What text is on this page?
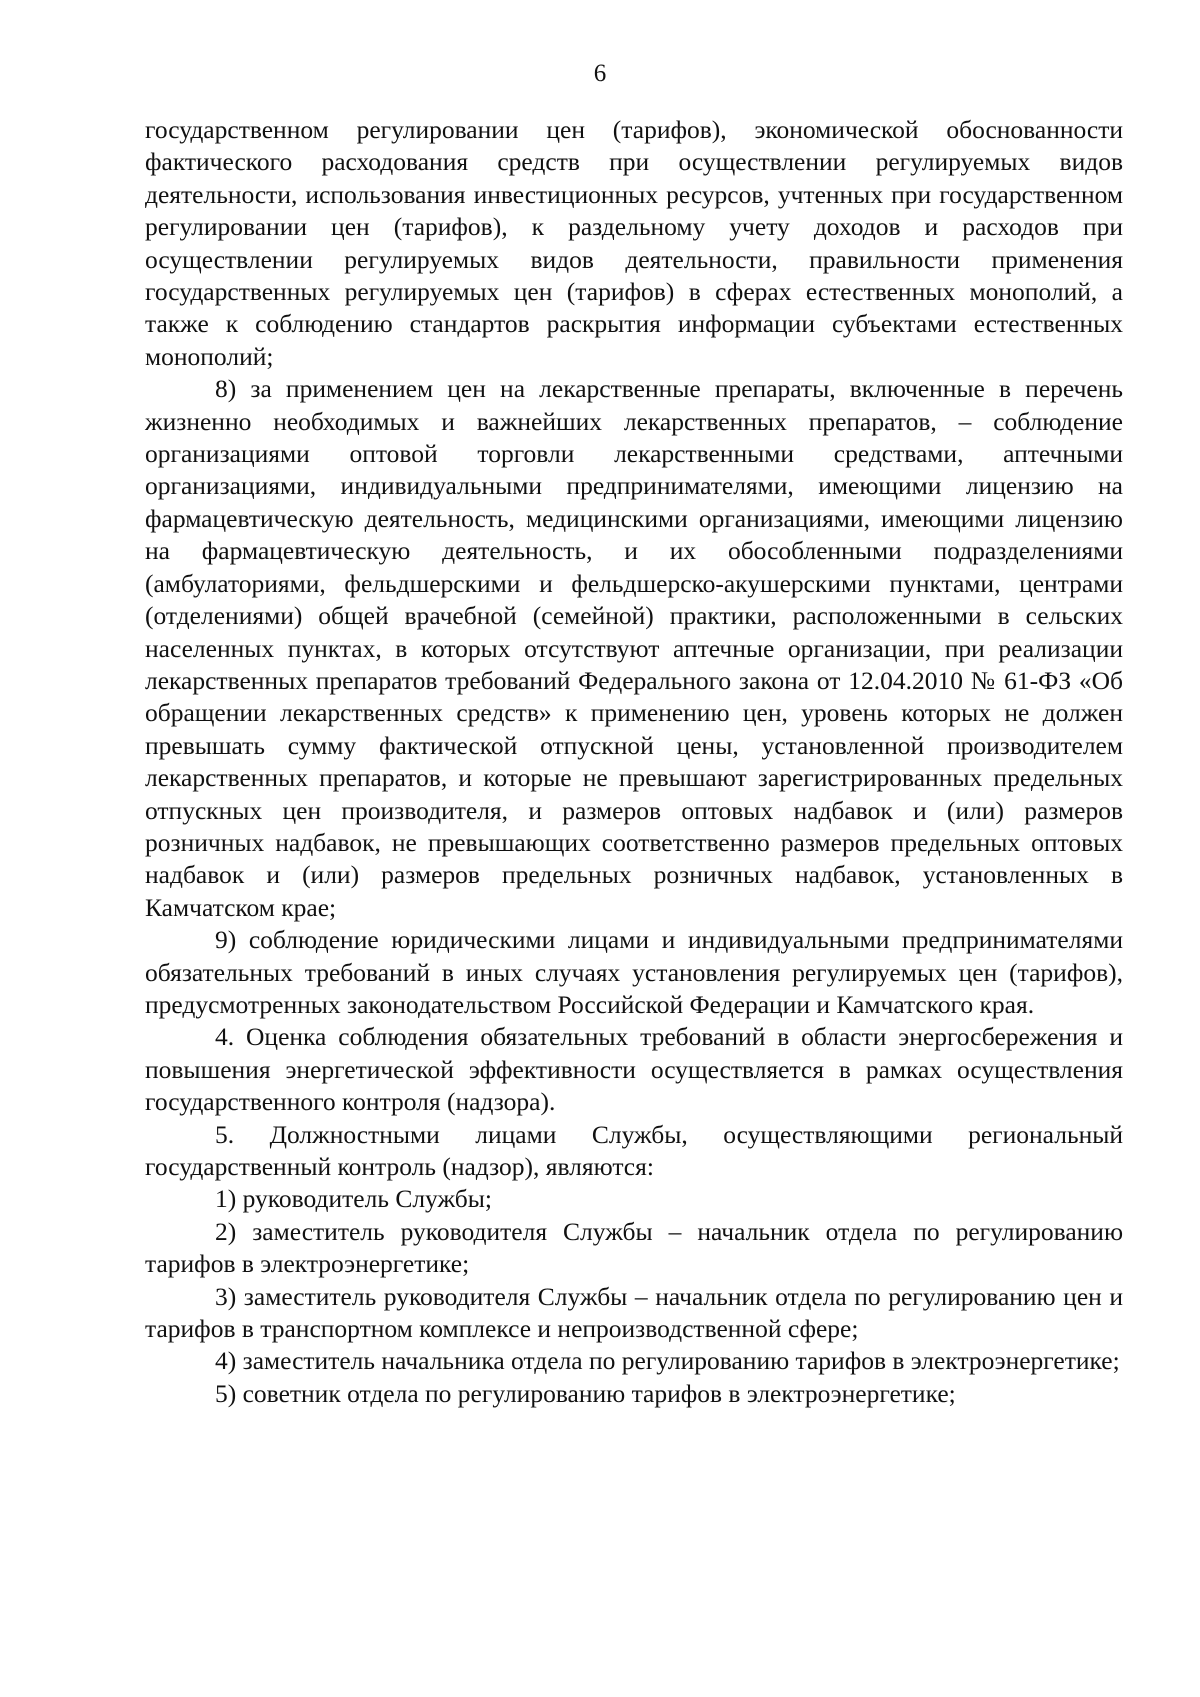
6

государственном регулировании цен (тарифов), экономической обоснованности фактического расходования средств при осуществлении регулируемых видов деятельности, использования инвестиционных ресурсов, учтенных при государственном регулировании цен (тарифов), к раздельному учету доходов и расходов при осуществлении регулируемых видов деятельности, правильности применения государственных регулируемых цен (тарифов) в сферах естественных монополий, а также к соблюдению стандартов раскрытия информации субъектами естественных монополий;

8) за применением цен на лекарственные препараты, включенные в перечень жизненно необходимых и важнейших лекарственных препаратов, – соблюдение организациями оптовой торговли лекарственными средствами, аптечными организациями, индивидуальными предпринимателями, имеющими лицензию на фармацевтическую деятельность, медицинскими организациями, имеющими лицензию на фармацевтическую деятельность, и их обособленными подразделениями (амбулаториями, фельдшерскими и фельдшерско-акушерскими пунктами, центрами (отделениями) общей врачебной (семейной) практики, расположенными в сельских населенных пунктах, в которых отсутствуют аптечные организации, при реализации лекарственных препаратов требований Федерального закона от 12.04.2010 № 61-ФЗ «Об обращении лекарственных средств» к применению цен, уровень которых не должен превышать сумму фактической отпускной цены, установленной производителем лекарственных препаратов, и которые не превышают зарегистрированных предельных отпускных цен производителя, и размеров оптовых надбавок и (или) размеров розничных надбавок, не превышающих соответственно размеров предельных оптовых надбавок и (или) размеров предельных розничных надбавок, установленных в Камчатском крае;

9) соблюдение юридическими лицами и индивидуальными предпринимателями обязательных требований в иных случаях установления регулируемых цен (тарифов), предусмотренных законодательством Российской Федерации и Камчатского края.

4. Оценка соблюдения обязательных требований в области энергосбережения и повышения энергетической эффективности осуществляется в рамках осуществления государственного контроля (надзора).

5. Должностными лицами Службы, осуществляющими региональный государственный контроль (надзор), являются:

1) руководитель Службы;

2) заместитель руководителя Службы – начальник отдела по регулированию тарифов в электроэнергетике;

3) заместитель руководителя Службы – начальник отдела по регулированию цен и тарифов в транспортном комплексе и непроизводственной сфере;

4) заместитель начальника отдела по регулированию тарифов в электроэнергетике;

5) советник отдела по регулированию тарифов в электроэнергетике;
